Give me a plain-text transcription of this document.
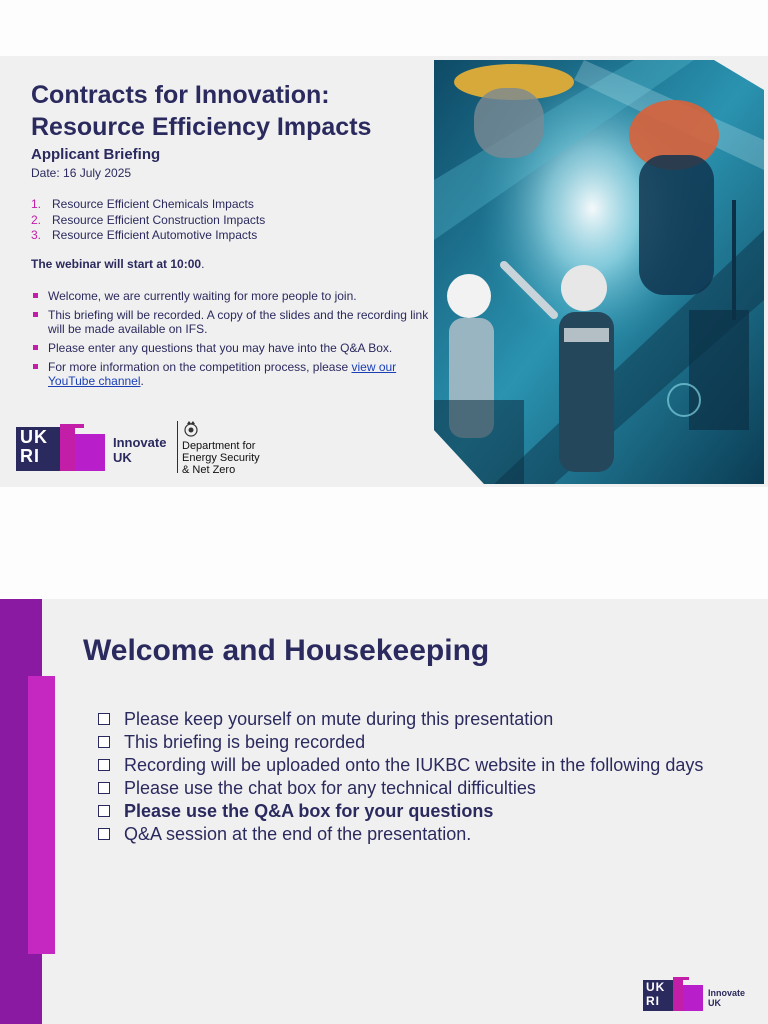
Contracts for Innovation:
Resource Efficiency Impacts
Applicant Briefing
Date: 16 July 2025
1. Resource Efficient Chemicals Impacts
2. Resource Efficient Construction Impacts
3. Resource Efficient Automotive Impacts
The webinar will start at 10:00.
Welcome, we are currently waiting for more people to join.
This briefing will be recorded. A copy of the slides and the recording link will be made available on IFS.
Please enter any questions that you may have into the Q&A Box.
For more information on the competition process, please view our YouTube channel.
UK
RI
Innovate
UK
Department for
Energy Security
& Net Zero
Welcome and Housekeeping
Please keep yourself on mute during this presentation
This briefing is being recorded
Recording will be uploaded onto the IUKBC website in the following days
Please use the chat box for any technical difficulties
Please use the Q&A box for your questions
Q&A session at the end of the presentation.
UK
RI
Innovate
UK
